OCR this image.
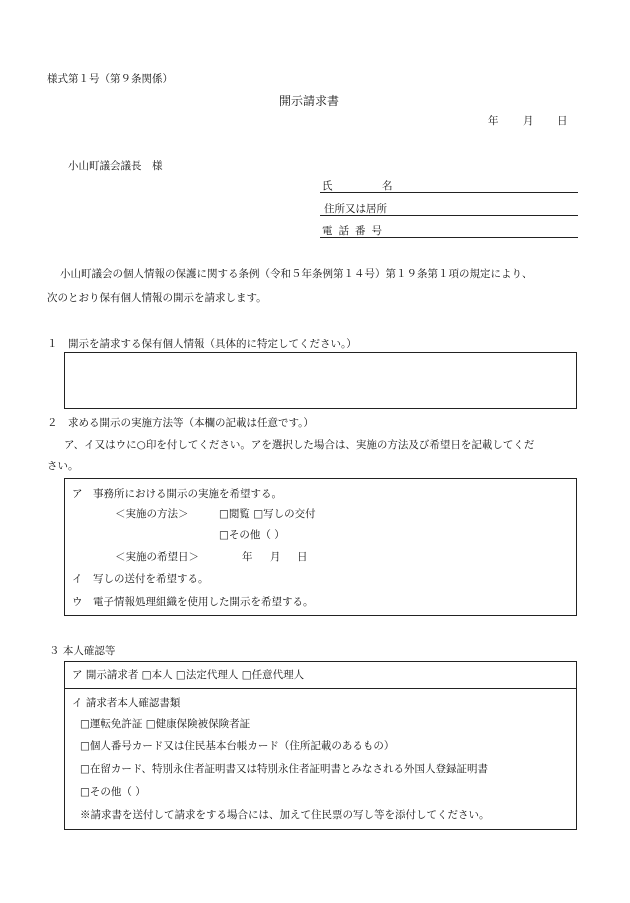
様式第１号（第９条関係）
開示請求書
年 月 日
小山町議会議長　様
氏	名
住所又は居所
電話番号
小山町議会の個人情報の保護に関する条例（令和５年条例第１４号）第１９条第１項の規定により、
次のとおり保有個人情報の開示を請求します。
１　開示を請求する保有個人情報（具体的に特定してください。）
２　求める開示の実施方法等（本欄の記載は任意です。）
ア、イ又はウに○印を付してください。アを選択した場合は、実施の方法及び希望日を記載してくだ
さい。
ア　事務所における開示の実施を希望する。
＜実施の方法＞	□閲覧 □写しの交付
□その他（ ）
＜実施の希望日＞	年 月 日
イ　写しの送付を希望する。
ウ　電子情報処理組織を使用した開示を希望する。
３ 本人確認等
ア 開示請求者 □本人 □法定代理人 □任意代理人
イ 請求者本人確認書類
□運転免許証 □健康保険被保険者証
□個人番号カード又は住民基本台帳カード（住所記載のあるもの）
□在留カード、特別永住者証明書又は特別永住者証明書とみなされる外国人登録証明書
□その他（ ）
※請求書を送付して請求をする場合には、加えて住民票の写し等を添付してください。
